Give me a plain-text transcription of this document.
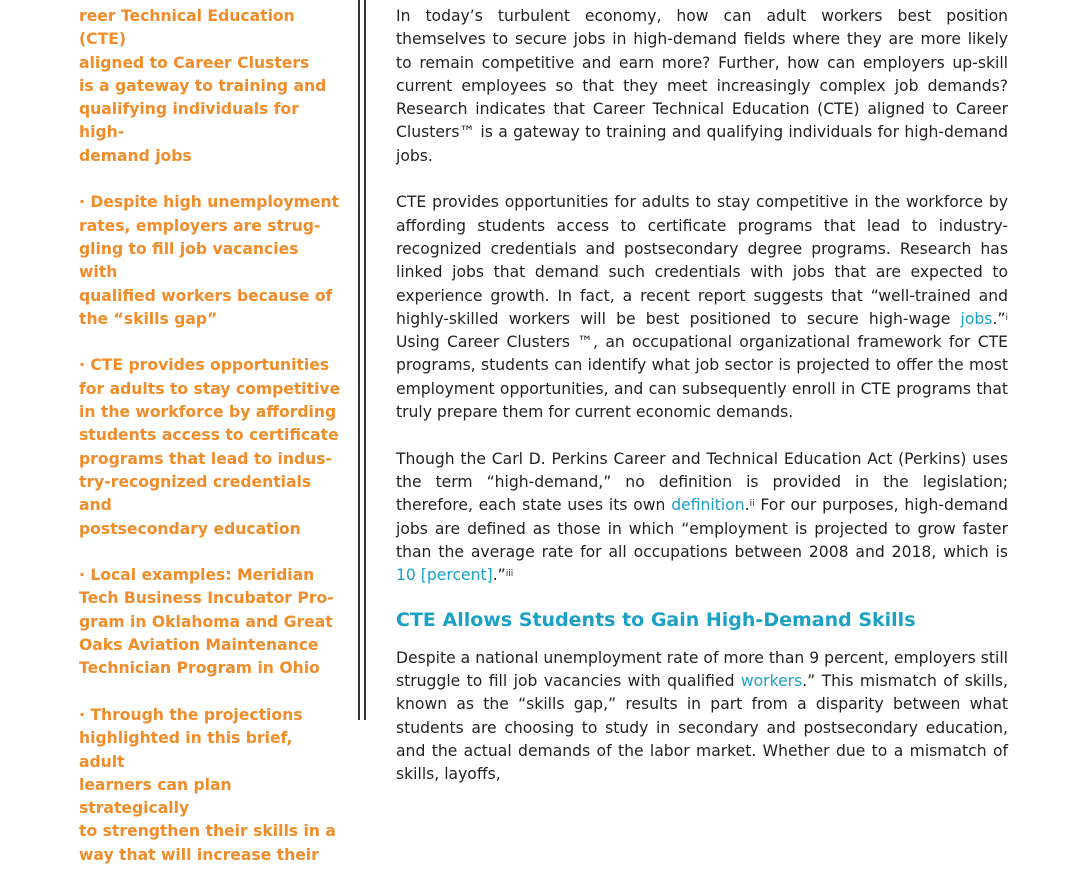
reer Technical Education (CTE)
aligned to Career Clusters
is a gateway to training and
qualifying individuals for high-
demand jobs

· Despite high unemployment
rates, employers are strug-
gling to fill job vacancies with
qualified workers because of
the “skills gap”

· CTE provides opportunities
for adults to stay competitive
in the workforce by affording
students access to certificate
programs that lead to indus-
try-recognized credentials and
postsecondary education

· Local examples: Meridian
Tech Business Incubator Pro-
gram in Oklahoma and Great
Oaks Aviation Maintenance
Technician Program in Ohio

· Through the projections
highlighted in this brief, adult
learners can plan strategically
to strengthen their skills in a
way that will increase their

In today’s turbulent economy, how can adult workers best position themselves to secure jobs in high-demand fields where they are more likely to remain competitive and earn more? Further, how can employers up-skill current employees so that they meet increasingly complex job demands? Research indicates that Career Technical Education (CTE) aligned to Career Clusters™ is a gateway to training and qualifying individuals for high-demand jobs.

CTE provides opportunities for adults to stay competitive in the workforce by affording students access to certificate programs that lead to industry-recognized credentials and postsecondary degree programs. Research has linked jobs that demand such credentials with jobs that are expected to experience growth. In fact, a recent report suggests that “well-trained and highly-skilled workers will be best positioned to secure high-wage jobs.”$^i$ Using Career Clusters ™, an occupational organizational framework for CTE programs, students can identify what job sector is projected to offer the most employment opportunities, and can subsequently enroll in CTE programs that truly prepare them for current economic demands.

Though the Carl D. Perkins Career and Technical Education Act (Perkins) uses the term “high-demand,” no definition is provided in the legislation; therefore, each state uses its own definition.$^{ii}$ For our purposes, high-demand jobs are defined as those in which “employment is projected to grow faster than the average rate for all occupations between 2008 and 2018, which is 10 [percent].”$^{iii}$

CTE Allows Students to Gain High-Demand Skills

Despite a national unemployment rate of more than 9 percent, employers still struggle to fill job vacancies with qualified workers.” This mismatch of skills, known as the “skills gap,” results in part from a disparity between what students are choosing to study in secondary and postsecondary education, and the actual demands of the labor market. Whether due to a mismatch of skills, layoffs,
